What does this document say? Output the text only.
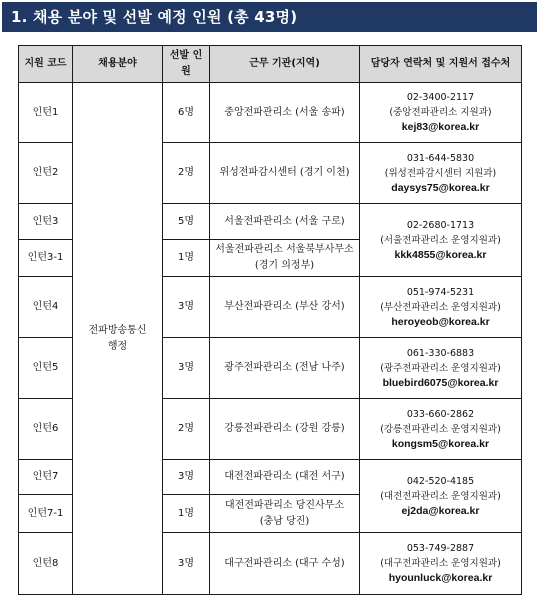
1. 채용 분야 및 선발 예정 인원 (총 43명)
지원 코드	채용분야	선발 인원	근무 기관(지역)	담당자 연락처 및 지원서 접수처
인턴1	전파방송통신 행정	6명	중앙전파관리소 (서울 송파)	02-3400-2117
(중앙전파관리소 지원과)
kej83@korea.kr

인턴2		2명	위성전파감시센터 (경기 이천)	031-644-5830
(위성전파감시센터 지원과)
daysys75@korea.kr

인턴3		5명	서울전파관리소 (서울 구로)	02-2680-1713
(서울전파관리소 운영지원과)
kkk4855@korea.kr

인턴3-1		1명	서울전파관리소 서울북부사무소
(경기 의정부)	

인턴4		3명	부산전파관리소 (부산 강서)	051-974-5231
(부산전파관리소 운영지원과)
heroyeob@korea.kr

인턴5		3명	광주전파관리소 (전남 나주)	061-330-6883
(광주전파관리소 운영지원과)
bluebird6075@korea.kr

인턴6		2명	강릉전파관리소 (강원 강릉)	033-660-2862
(강릉전파관리소 운영지원과)
kongsm5@korea.kr

인턴7		3명	대전전파관리소 (대전 서구)	042-520-4185
(대전전파관리소 운영지원과)
ej2da@korea.kr

인턴7-1		1명	대전전파관리소 당진사무소
(충남 당진)	

인턴8		3명	대구전파관리소 (대구 수성)	053-749-2887
(대구전파관리소 운영지원과)
hyounluck@korea.kr
